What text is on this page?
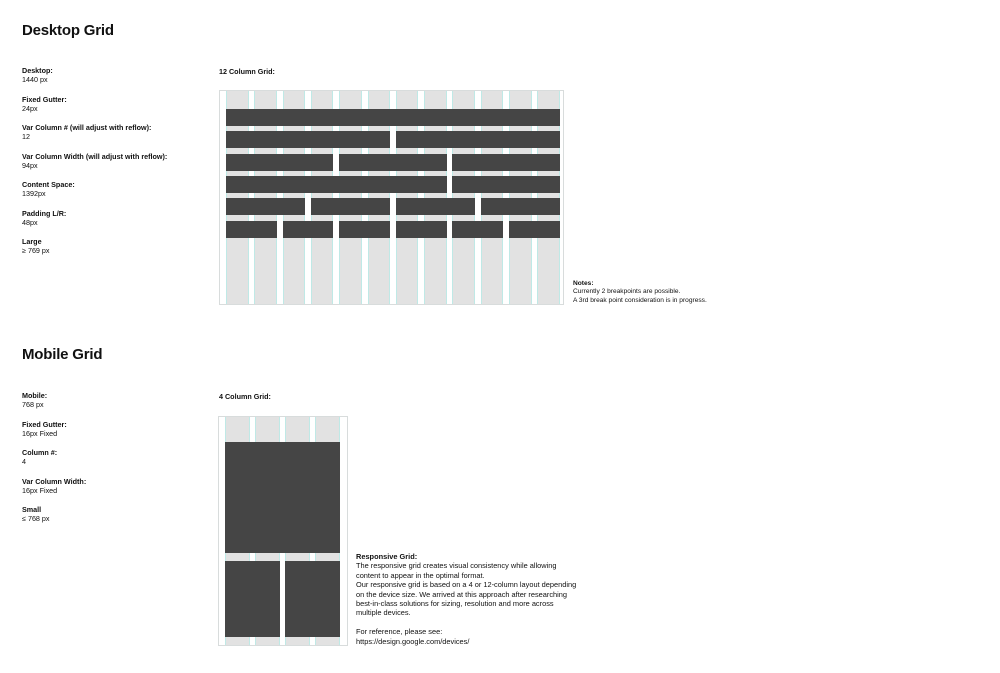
Desktop Grid
Desktop:
1440 px
Fixed Gutter:
24px
Var Column # (will adjust with reflow):
12
Var Column Width (will adjust with reflow):
94px
Content Space:
1392px
Padding L/R:
48px
Large
≥ 769 px
12 Column Grid:
Notes:
Currently 2 breakpoints are possible.
A 3rd break point consideration is in progress.
Mobile Grid
Mobile:
768 px
Fixed Gutter:
16px Fixed
Column #:
4
Var Column Width:
16px Fixed
Small
≤ 768 px
4 Column Grid:
Responsive Grid:
The responsive grid creates visual consistency while allowing
content to appear in the optimal format.
Our responsive grid is based on a 4 or 12-column layout depending
on the device size. We arrived at this approach after researching
best-in-class solutions for sizing, resolution and more across
multiple devices.
For reference, please see:
https://design.google.com/devices/
